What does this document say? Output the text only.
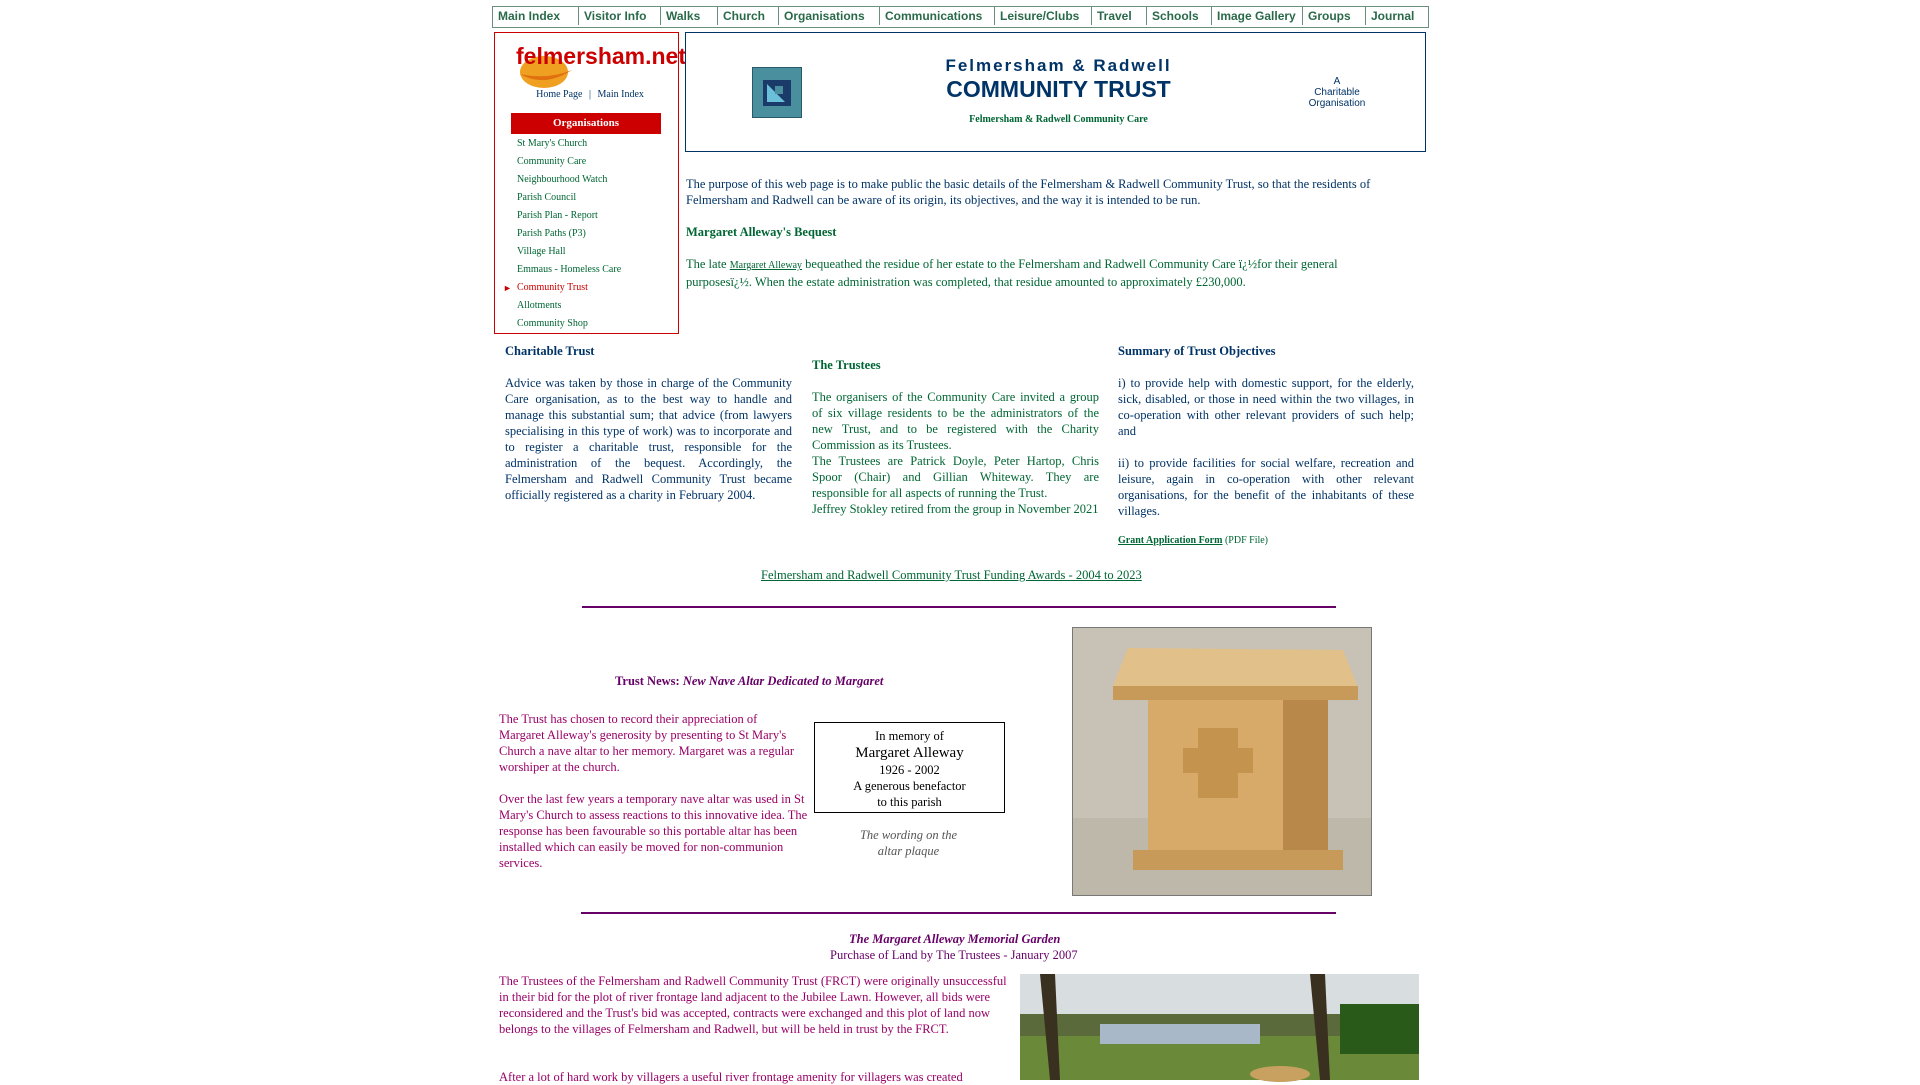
Main Index	Visitor Info	Walks	Church	Organisations	Communications	Leisure/Clubs	Travel	Schools	Image Gallery	Groups	Journal
felmersham.net
Home Page | Main Index
Organisations
St Mary's Church
Community Care
Neighbourhood Watch
Parish Council
Parish Plan - Report
Parish Paths (P3)
Village Hall
Emmaus - Homeless Care
► Community Trust
Allotments
Community Shop
Felmersham & Radwell
COMMUNITY TRUST
Felmersham & Radwell Community Care
A
Charitable
Organisation
The purpose of this web page is to make public the basic details of the Felmersham & Radwell Community Trust, so that the residents of Felmersham and Radwell can be aware of its origin, its objectives, and the way it is intended to be run.
Margaret Alleway's Bequest
The late Margaret Alleway bequeathed the residue of her estate to the Felmersham and Radwell Community Care ï¿½for their general purposesï¿½. When the estate administration was completed, that residue amounted to approximately £230,000.
Charitable Trust
Advice was taken by those in charge of the Community Care organisation, as to the best way to handle and manage this substantial sum; that advice (from lawyers specialising in this type of work) was to incorporate and to register a charitable trust, responsible for the administration of the bequest. Accordingly, the Felmersham and Radwell Community Trust became officially registered as a charity in February 2004.
The Trustees
The organisers of the Community Care invited a group of six village residents to be the administrators of the new Trust, and to be registered with the Charity Commission as its Trustees.
The Trustees are Patrick Doyle, Peter Hartop, Chris Spoor (Chair) and Gillian Whiteway. They are responsible for all aspects of running the Trust.
Jeffrey Stokley retired from the group in November 2021
Summary of Trust Objectives
i) to provide help with domestic support, for the elderly, sick, disabled, or those in need within the two villages, in co-operation with other relevant providers of such help; and
ii) to provide facilities for social welfare, recreation and leisure, again in co-operation with other relevant organisations, for the benefit of the inhabitants of these villages.
Grant Application Form (PDF File)
Felmersham and Radwell Community Trust Funding Awards - 2004 to 2023
Trust News: New Nave Altar Dedicated to Margaret
The Trust has chosen to record their appreciation of Margaret Alleway's generosity by presenting to St Mary's Church a nave altar to her memory. Margaret was a regular worshiper at the church.
Over the last few years a temporary nave altar was used in St Mary's Church to assess reactions to this innovative idea. The response has been favourable so this portable altar has been installed which can easily be moved for non-communion services.
In memory of
Margaret Alleway
1926 - 2002
A generous benefactor
to this parish
The wording on the
altar plaque
The Margaret Alleway Memorial Garden
Purchase of Land by The Trustees - January 2007
The Trustees of the Felmersham and Radwell Community Trust (FRCT) were originally unsuccessful in their bid for the plot of river frontage land adjacent to the Jubilee Lawn. However, all bids were reconsidered and the Trust's bid was accepted, contracts were exchanged and this plot of land now belongs to the villages of Felmersham and Radwell, but will be held in trust by the FRCT.
After a lot of hard work by villagers a useful river frontage amenity for villagers was created
